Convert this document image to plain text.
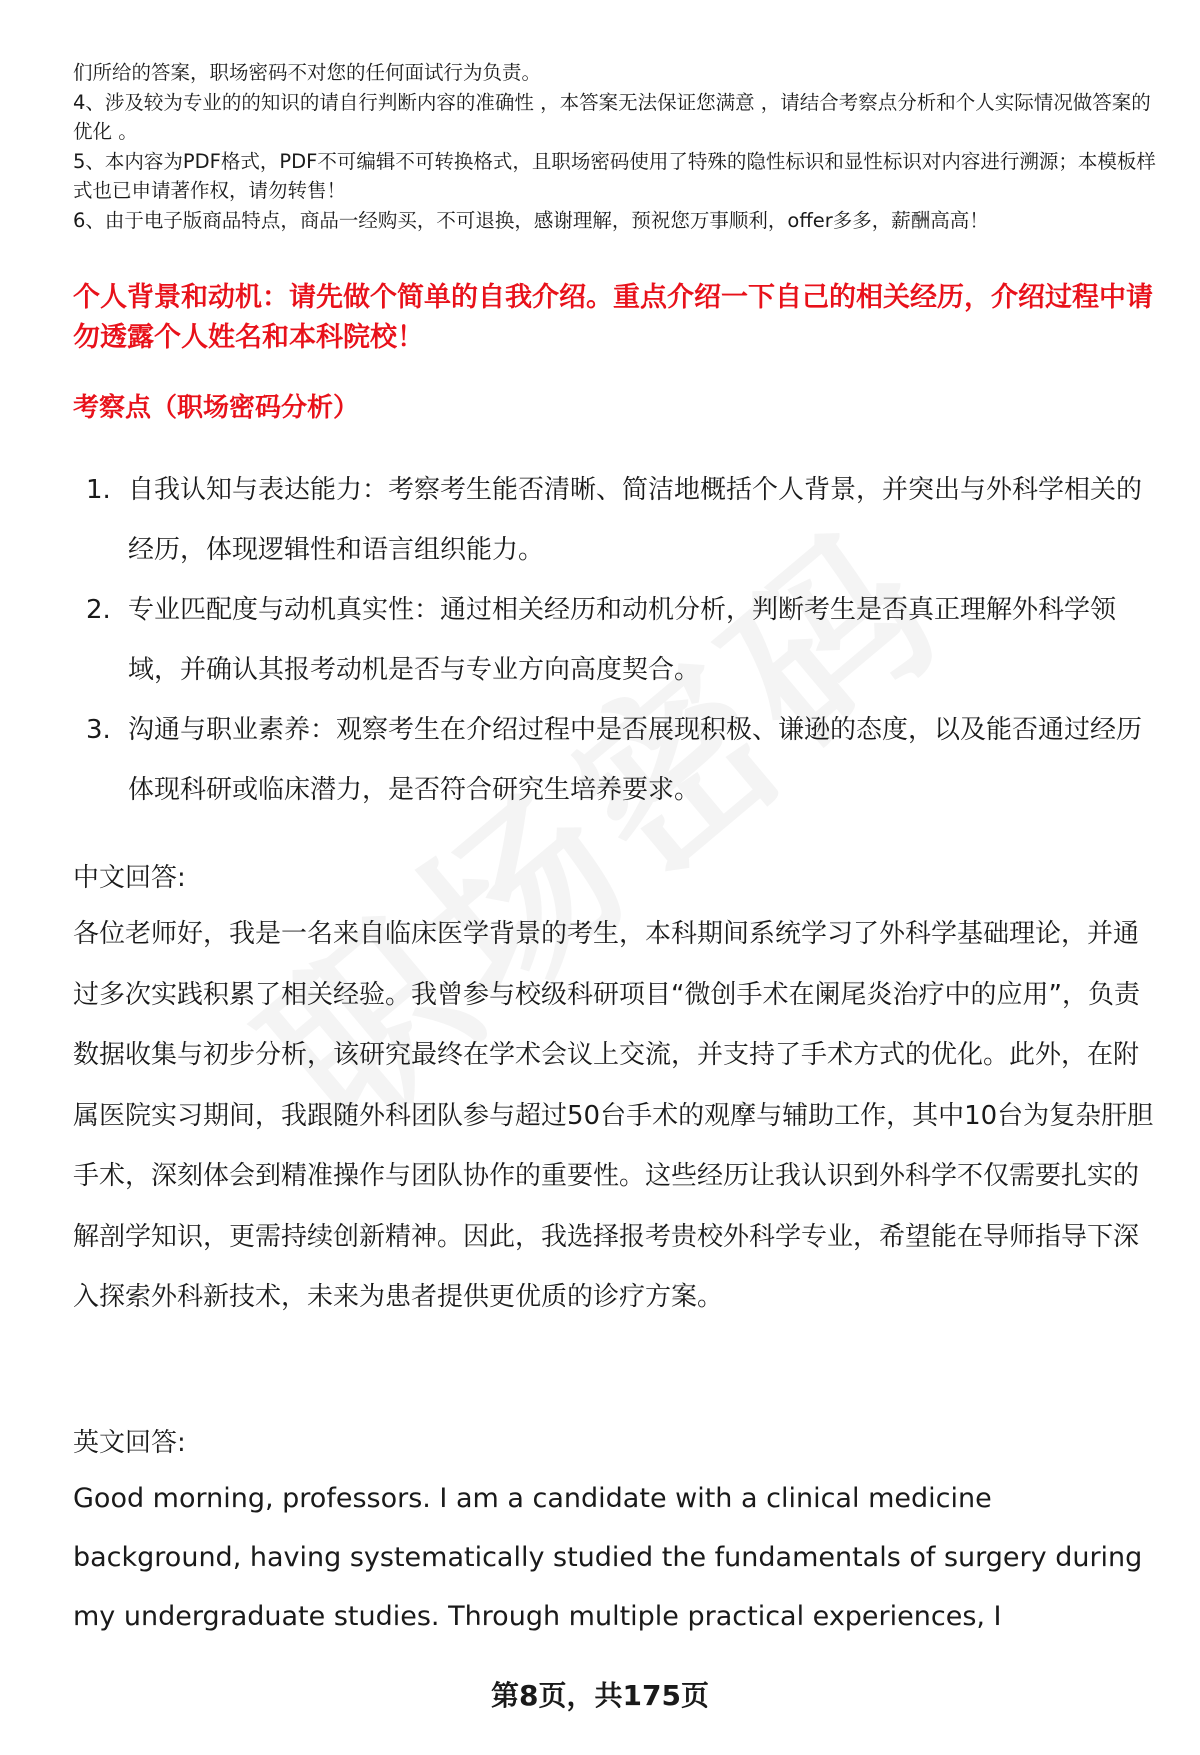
们所给的答案，职场密码不对您的任何面试行为负责。

4、涉及较为专业的的知识的请自行判断内容的准确性 ，本答案无法保证您满意 ，请结合考察点分析和个人实际情况做答案的优化 。

5、本内容为PDF格式，PDF不可编辑不可转换格式，且职场密码使用了特殊的隐性标识和显性标识对内容进行溯源；本模板样式也已申请著作权，请勿转售！

6、由于电子版商品特点，商品一经购买，不可退换，感谢理解，预祝您万事顺利，offer多多，薪酬高高！

个人背景和动机：请先做个简单的自我介绍。重点介绍一下自己的相关经历，介绍过程中请勿透露个人姓名和本科院校！

考察点（职场密码分析）

1. 自我认知与表达能力：考察考生能否清晰、简洁地概括个人背景，并突出与外科学相关的经历，体现逻辑性和语言组织能力。
2. 专业匹配度与动机真实性：通过相关经历和动机分析，判断考生是否真正理解外科学领域，并确认其报考动机是否与专业方向高度契合。
3. 沟通与职业素养：观察考生在介绍过程中是否展现积极、谦逊的态度，以及能否通过经历体现科研或临床潜力，是否符合研究生培养要求。

中文回答:

各位老师好，我是一名来自临床医学背景的考生，本科期间系统学习了外科学基础理论，并通过多次实践积累了相关经验。我曾参与校级科研项目“微创手术在阑尾炎治疗中的应用”，负责数据收集与初步分析，该研究最终在学术会议上交流，并支持了手术方式的优化。此外，在附属医院实习期间，我跟随外科团队参与超过50台手术的观摩与辅助工作，其中10台为复杂肝胆手术，深刻体会到精准操作与团队协作的重要性。这些经历让我认识到外科学不仅需要扎实的解剖学知识，更需持续创新精神。因此，我选择报考贵校外科学专业，希望能在导师指导下深入探索外科新技术，未来为患者提供更优质的诊疗方案。

英文回答:

Good morning, professors. I am a candidate with a clinical medicine background, having systematically studied the fundamentals of surgery during my undergraduate studies. Through multiple practical experiences, I

第8页，共175页
